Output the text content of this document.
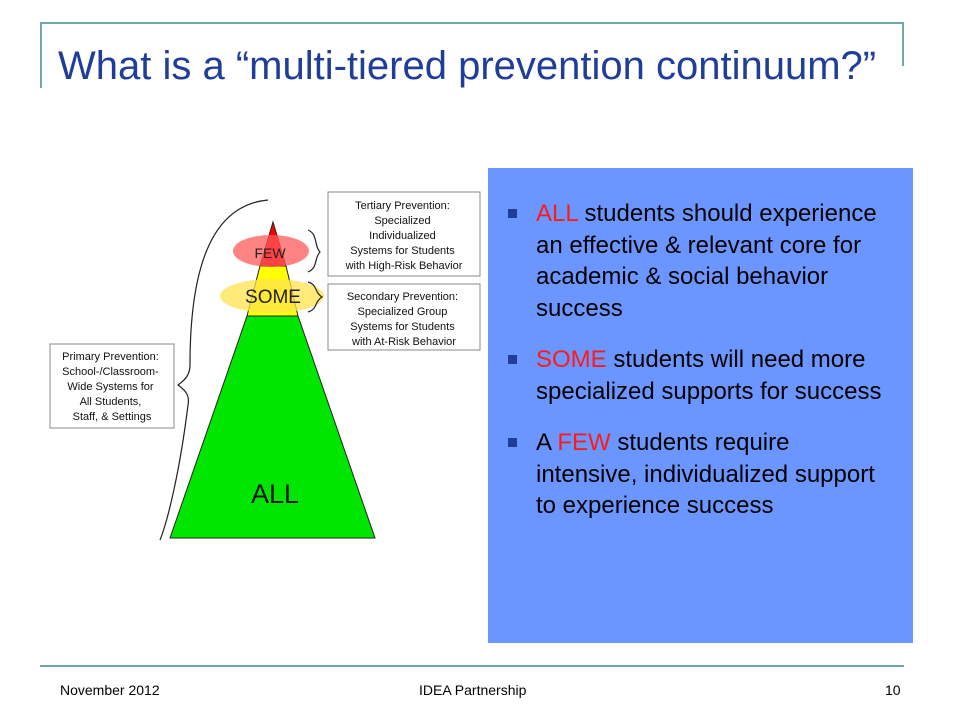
What is a “multi-tiered prevention continuum?”
FEW
SOME
ALL
Tertiary Prevention: Specialized Individualized Systems for Students with High-Risk Behavior
Secondary Prevention: Specialized Group Systems for Students with At-Risk Behavior
Primary Prevention: School-/Classroom- Wide Systems for All Students, Staff, & Settings
ALL students should experience an effective & relevant core for academic & social behavior success
SOME students will need more specialized supports for success
A FEW students require intensive, individualized support to experience success
November 2012	IDEA Partnership	10
